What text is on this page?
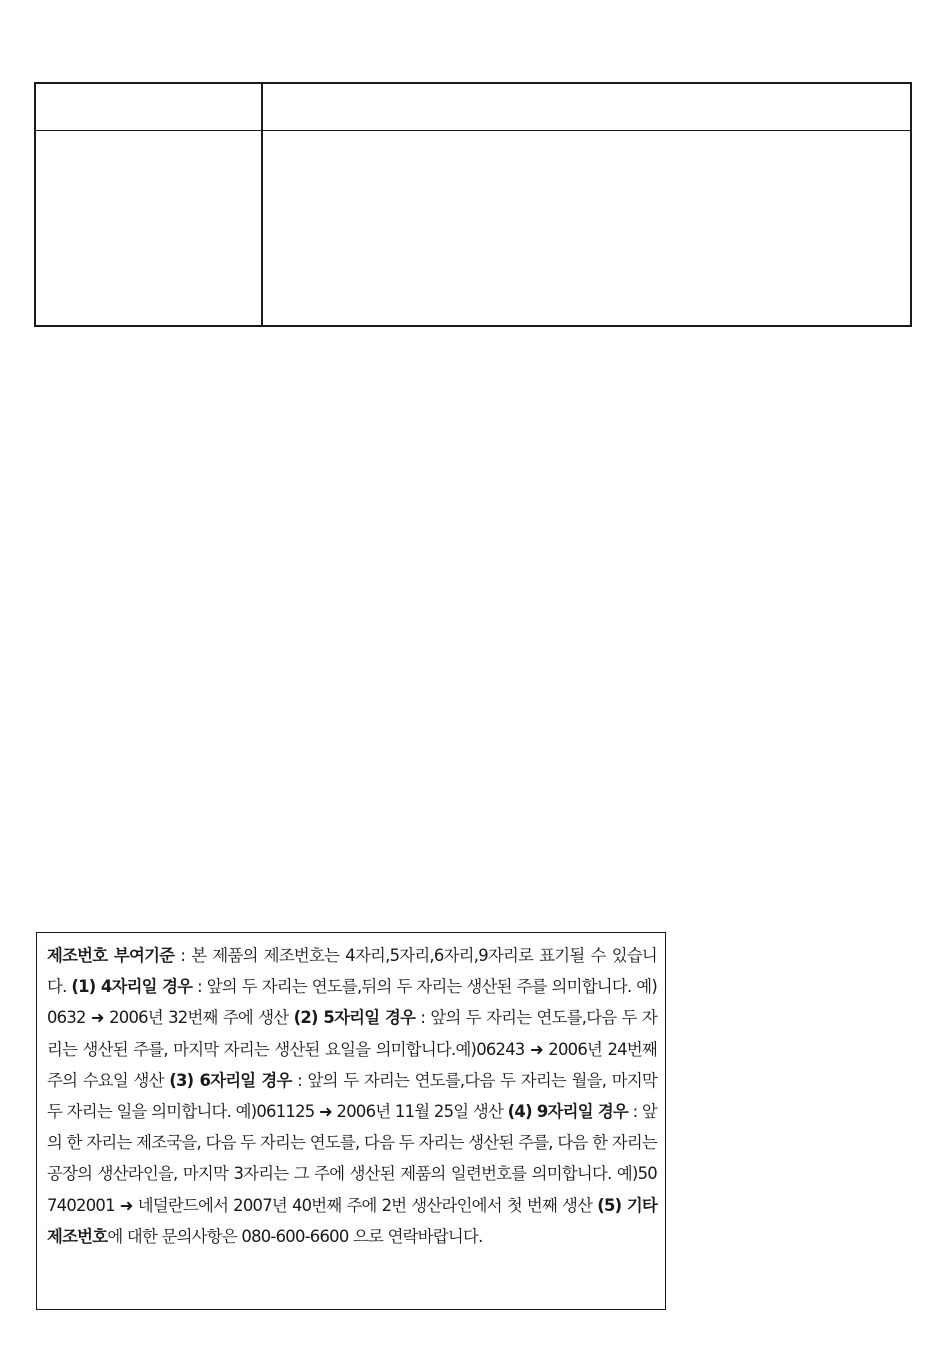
제조번호 부여기준 : 본 제품의 제조번호는 4자리,5자리,6자리,9자리로 표기될 수 있습니다. (1) 4자리일 경우 : 앞의 두 자리는 연도를,뒤의 두 자리는 생산된 주를 의미합니다. 예) 0632 ➜ 2006년 32번째 주에 생산 (2) 5자리일 경우 : 앞의 두 자리는 연도를,다음 두 자리는 생산된 주를, 마지막 자리는 생산된 요일을 의미합니다.예)06243 ➜ 2006년 24번째 주의 수요일 생산 (3) 6자리일 경우 : 앞의 두 자리는 연도를,다음 두 자리는 월을, 마지막 두 자리는 일을 의미합니다. 예)061125 ➜ 2006년 11월 25일 생산 (4) 9자리일 경우 : 앞의 한 자리는 제조국을, 다음 두 자리는 연도를, 다음 두 자리는 생산된 주를, 다음 한 자리는 공장의 생산라인을, 마지막 3자리는 그 주에 생산된 제품의 일련번호를 의미합니다. 예)507402001 ➜ 네덜란드에서 2007년 40번째 주에 2번 생산라인에서 첫 번째 생산 (5) 기타제조번호에 대한 문의사항은 080-600-6600 으로 연락바랍니다.
